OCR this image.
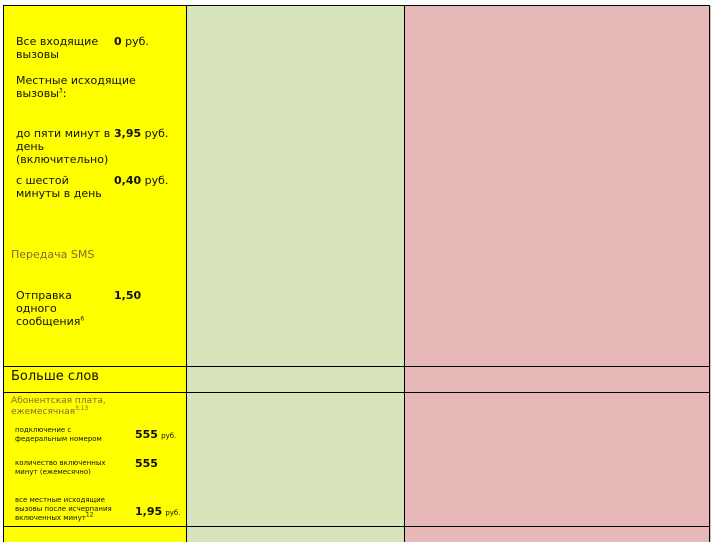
Все входящие вызовы
0 руб.
Местные исходящие вызовы$^3$:
до пяти минут в день (включительно)
3,95 руб.
с шестой минуты в день
0,40 руб.
Передача SMS
Отправка одного сообщения$^6$
1,50
Больше слов
Абонентская плата, ежемесячная$^{3,13}$
подключение с федеральным номером	555 руб.
количество включенных минут (ежемесячно)
555
все местные исходящие вызовы после исчерпания включенных минут$^{12}$	1,95 руб.
